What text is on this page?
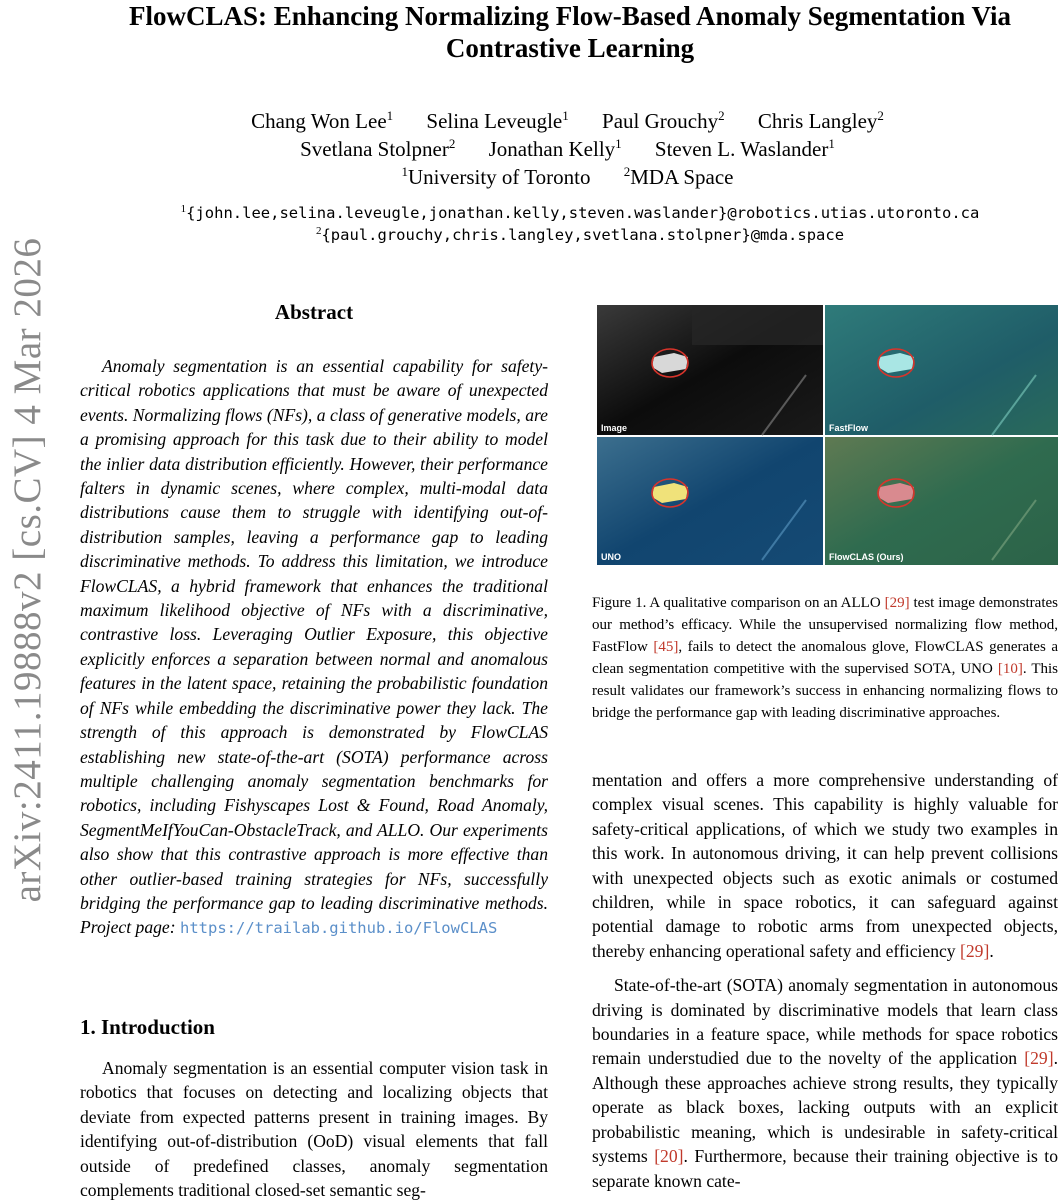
arXiv:2411.19888v2 [cs.CV] 4 Mar 2026
FlowCLAS: Enhancing Normalizing Flow-Based Anomaly Segmentation Via
Contrastive Learning
Chang Won Lee$^1$ Selina Leveugle$^1$ Paul Grouchy$^2$ Chris Langley$^2$
Svetlana Stolpner$^2$ Jonathan Kelly$^1$ Steven L. Waslander$^1$
$^1$University of Toronto	$^2$MDA Space
$^1${john.lee,selina.leveugle,jonathan.kelly,steven.waslander}@robotics.utias.utoronto.ca
$^2${paul.grouchy,chris.langley,svetlana.stolpner}@mda.space
Abstract
Anomaly segmentation is an essential capability for safety-critical robotics applications that must be aware of unexpected events. Normalizing flows (NFs), a class of generative models, are a promising approach for this task due to their ability to model the inlier data distribution efficiently. However, their performance falters in dynamic scenes, where complex, multi-modal data distributions cause them to struggle with identifying out-of-distribution samples, leaving a performance gap to leading discriminative methods. To address this limitation, we introduce FlowCLAS, a hybrid framework that enhances the traditional maximum likelihood objective of NFs with a discriminative, contrastive loss. Leveraging Outlier Exposure, this objective explicitly enforces a separation between normal and anomalous features in the latent space, retaining the probabilistic foundation of NFs while embedding the discriminative power they lack. The strength of this approach is demonstrated by FlowCLAS establishing new state-of-the-art (SOTA) performance across multiple challenging anomaly segmentation benchmarks for robotics, including Fishyscapes Lost & Found, Road Anomaly, SegmentMeIfYouCan-ObstacleTrack, and ALLO. Our experiments also show that this contrastive approach is more effective than other outlier-based training strategies for NFs, successfully bridging the performance gap to leading discriminative methods. Project page: https://trailab.github.io/FlowCLAS
1. Introduction
Anomaly segmentation is an essential computer vision task in robotics that focuses on detecting and localizing objects that deviate from expected patterns present in training images. By identifying out-of-distribution (OoD) visual elements that fall outside of predefined classes, anomaly segmentation complements traditional closed-set semantic seg-
Image	FastFlow
UNO	FlowCLAS (Ours)
Figure 1. A qualitative comparison on an ALLO [29] test image demonstrates our method’s efficacy. While the unsupervised normalizing flow method, FastFlow [45], fails to detect the anomalous glove, FlowCLAS generates a clean segmentation competitive with the supervised SOTA, UNO [10]. This result validates our framework’s success in enhancing normalizing flows to bridge the performance gap with leading discriminative approaches.

mentation and offers a more comprehensive understanding of complex visual scenes. This capability is highly valuable for safety-critical applications, of which we study two examples in this work. In autonomous driving, it can help prevent collisions with unexpected objects such as exotic animals or costumed children, while in space robotics, it can safeguard against potential damage to robotic arms from unexpected objects, thereby enhancing operational safety and efficiency [29].

State-of-the-art (SOTA) anomaly segmentation in autonomous driving is dominated by discriminative models that learn class boundaries in a feature space, while methods for space robotics remain understudied due to the novelty of the application [29]. Although these approaches achieve strong results, they typically operate as black boxes, lacking outputs with an explicit probabilistic meaning, which is undesirable in safety-critical systems [20]. Furthermore, because their training objective is to separate known cate-
